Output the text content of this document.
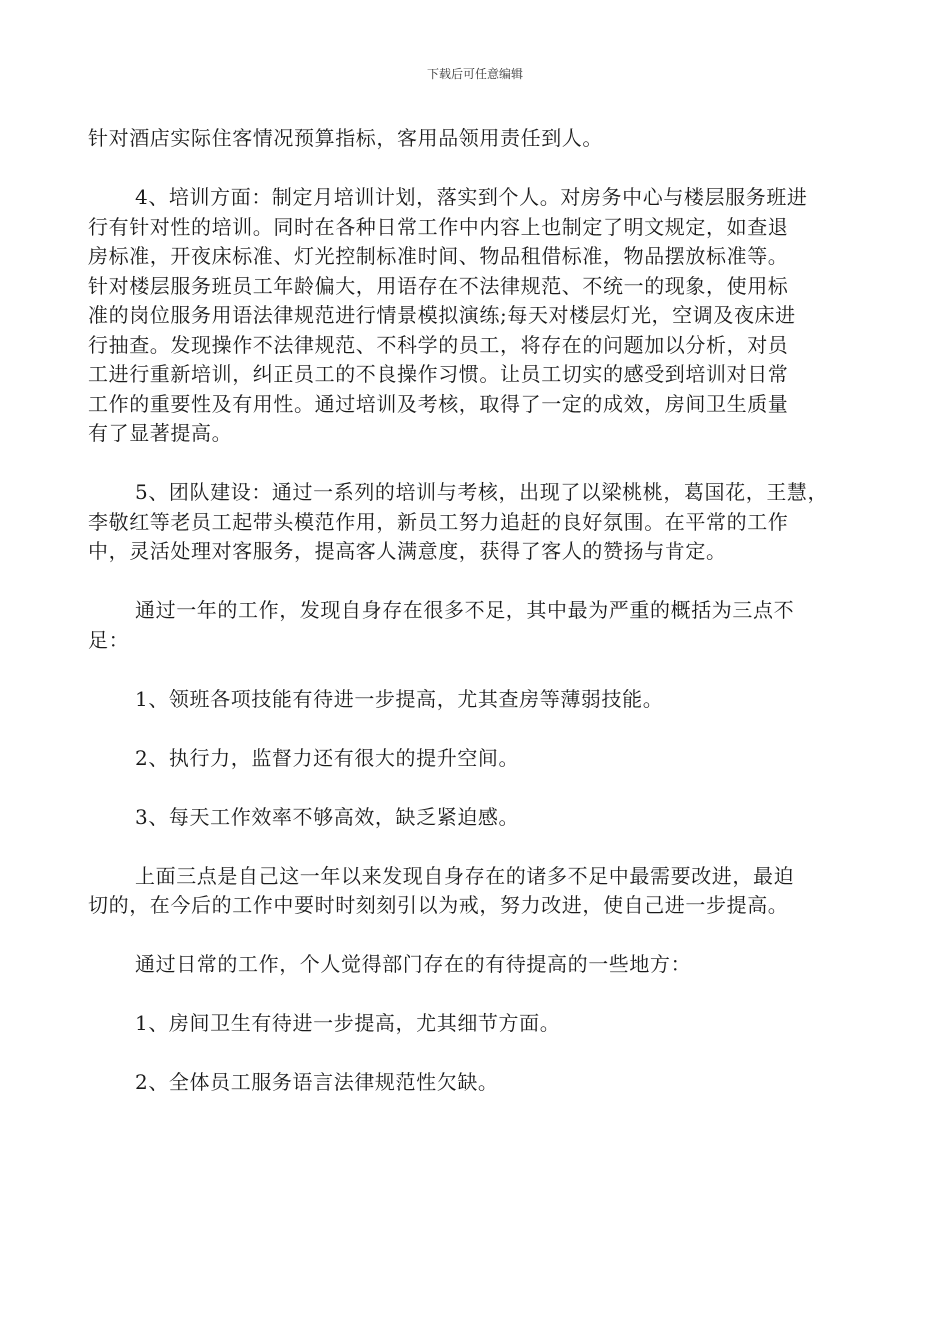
下载后可任意编辑
针对酒店实际住客情况预算指标，客用品领用责任到人。
4、培训方面：制定月培训计划，落实到个人。对房务中心与楼层服务班进
行有针对性的培训。同时在各种日常工作中内容上也制定了明文规定，如查退
房标准，开夜床标准、灯光控制标准时间、物品租借标准，物品摆放标准等。
针对楼层服务班员工年龄偏大，用语存在不法律规范、不统一的现象，使用标
准的岗位服务用语法律规范进行情景模拟演练;每天对楼层灯光，空调及夜床进
行抽查。发现操作不法律规范、不科学的员工，将存在的问题加以分析，对员
工进行重新培训，纠正员工的不良操作习惯。让员工切实的感受到培训对日常
工作的重要性及有用性。通过培训及考核，取得了一定的成效，房间卫生质量
有了显著提高。
5、团队建设：通过一系列的培训与考核，出现了以梁桃桃，葛国花，王慧，
李敬红等老员工起带头模范作用，新员工努力追赶的良好氛围。在平常的工作
中，灵活处理对客服务，提高客人满意度，获得了客人的赞扬与肯定。
通过一年的工作，发现自身存在很多不足，其中最为严重的概括为三点不
足：
1、领班各项技能有待进一步提高，尤其查房等薄弱技能。
2、执行力，监督力还有很大的提升空间。
3、每天工作效率不够高效，缺乏紧迫感。
上面三点是自己这一年以来发现自身存在的诸多不足中最需要改进，最迫
切的，在今后的工作中要时时刻刻引以为戒，努力改进，使自己进一步提高。
通过日常的工作，个人觉得部门存在的有待提高的一些地方：
1、房间卫生有待进一步提高，尤其细节方面。
2、全体员工服务语言法律规范性欠缺。
